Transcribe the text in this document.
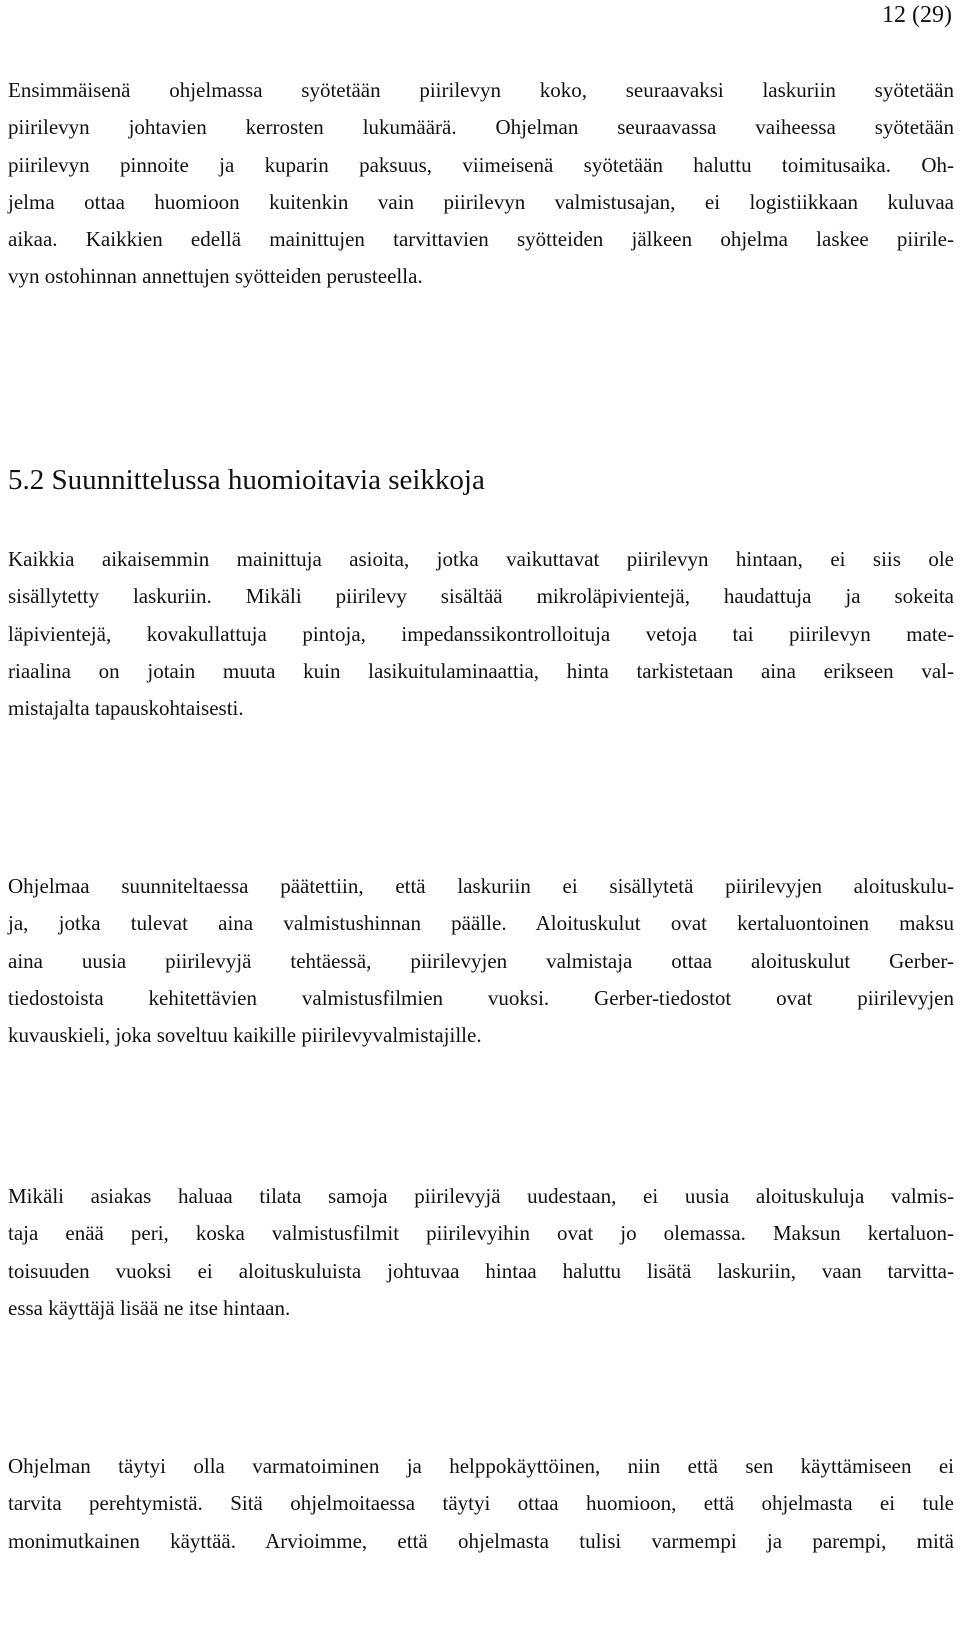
12 (29)

Ensimmäisenä ohjelmassa syötetään piirilevyn koko, seuraavaksi laskuriin syötetään
piirilevyn johtavien kerrosten lukumäärä. Ohjelman seuraavassa vaiheessa syötetään
piirilevyn pinnoite ja kuparin paksuus, viimeisenä syötetään haluttu toimitusaika. Oh-
jelma ottaa huomioon kuitenkin vain piirilevyn valmistusajan, ei logistiikkaan kuluvaa
aikaa. Kaikkien edellä mainittujen tarvittavien syötteiden jälkeen ohjelma laskee piirile-
vyn ostohinnan annettujen syötteiden perusteella.

5.2 Suunnittelussa huomioitavia seikkoja

Kaikkia aikaisemmin mainittuja asioita, jotka vaikuttavat piirilevyn hintaan, ei siis ole
sisällytetty laskuriin. Mikäli piirilevy sisältää mikroläpivientejä, haudattuja ja sokeita
läpivientejä, kovakullattuja pintoja, impedanssikontrolloituja vetoja tai piirilevyn mate-
riaalina on jotain muuta kuin lasikuitulaminaattia, hinta tarkistetaan aina erikseen val-
mistajalta tapauskohtaisesti.

Ohjelmaa suunniteltaessa päätettiin, että laskuriin ei sisällytetä piirilevyjen aloituskulu-
ja, jotka tulevat aina valmistushinnan päälle. Aloituskulut ovat kertaluontoinen maksu
aina uusia piirilevyjä tehtäessä, piirilevyjen valmistaja ottaa aloituskulut Gerber-
tiedostoista kehitettävien valmistusfilmien vuoksi. Gerber-tiedostot ovat piirilevyjen
kuvauskieli, joka soveltuu kaikille piirilevyvalmistajille.

Mikäli asiakas haluaa tilata samoja piirilevyjä uudestaan, ei uusia aloituskuluja valmis-
taja enää peri, koska valmistusfilmit piirilevyihin ovat jo olemassa. Maksun kertaluon-
toisuuden vuoksi ei aloituskuluista johtuvaa hintaa haluttu lisätä laskuriin, vaan tarvitta-
essa käyttäjä lisää ne itse hintaan.

Ohjelman täytyi olla varmatoiminen ja helppokäyttöinen, niin että sen käyttämiseen ei
tarvita perehtymistä. Sitä ohjelmoitaessa täytyi ottaa huomioon, että ohjelmasta ei tule
monimutkainen käyttää. Arvioimme, että ohjelmasta tulisi varmempi ja parempi, mitä
